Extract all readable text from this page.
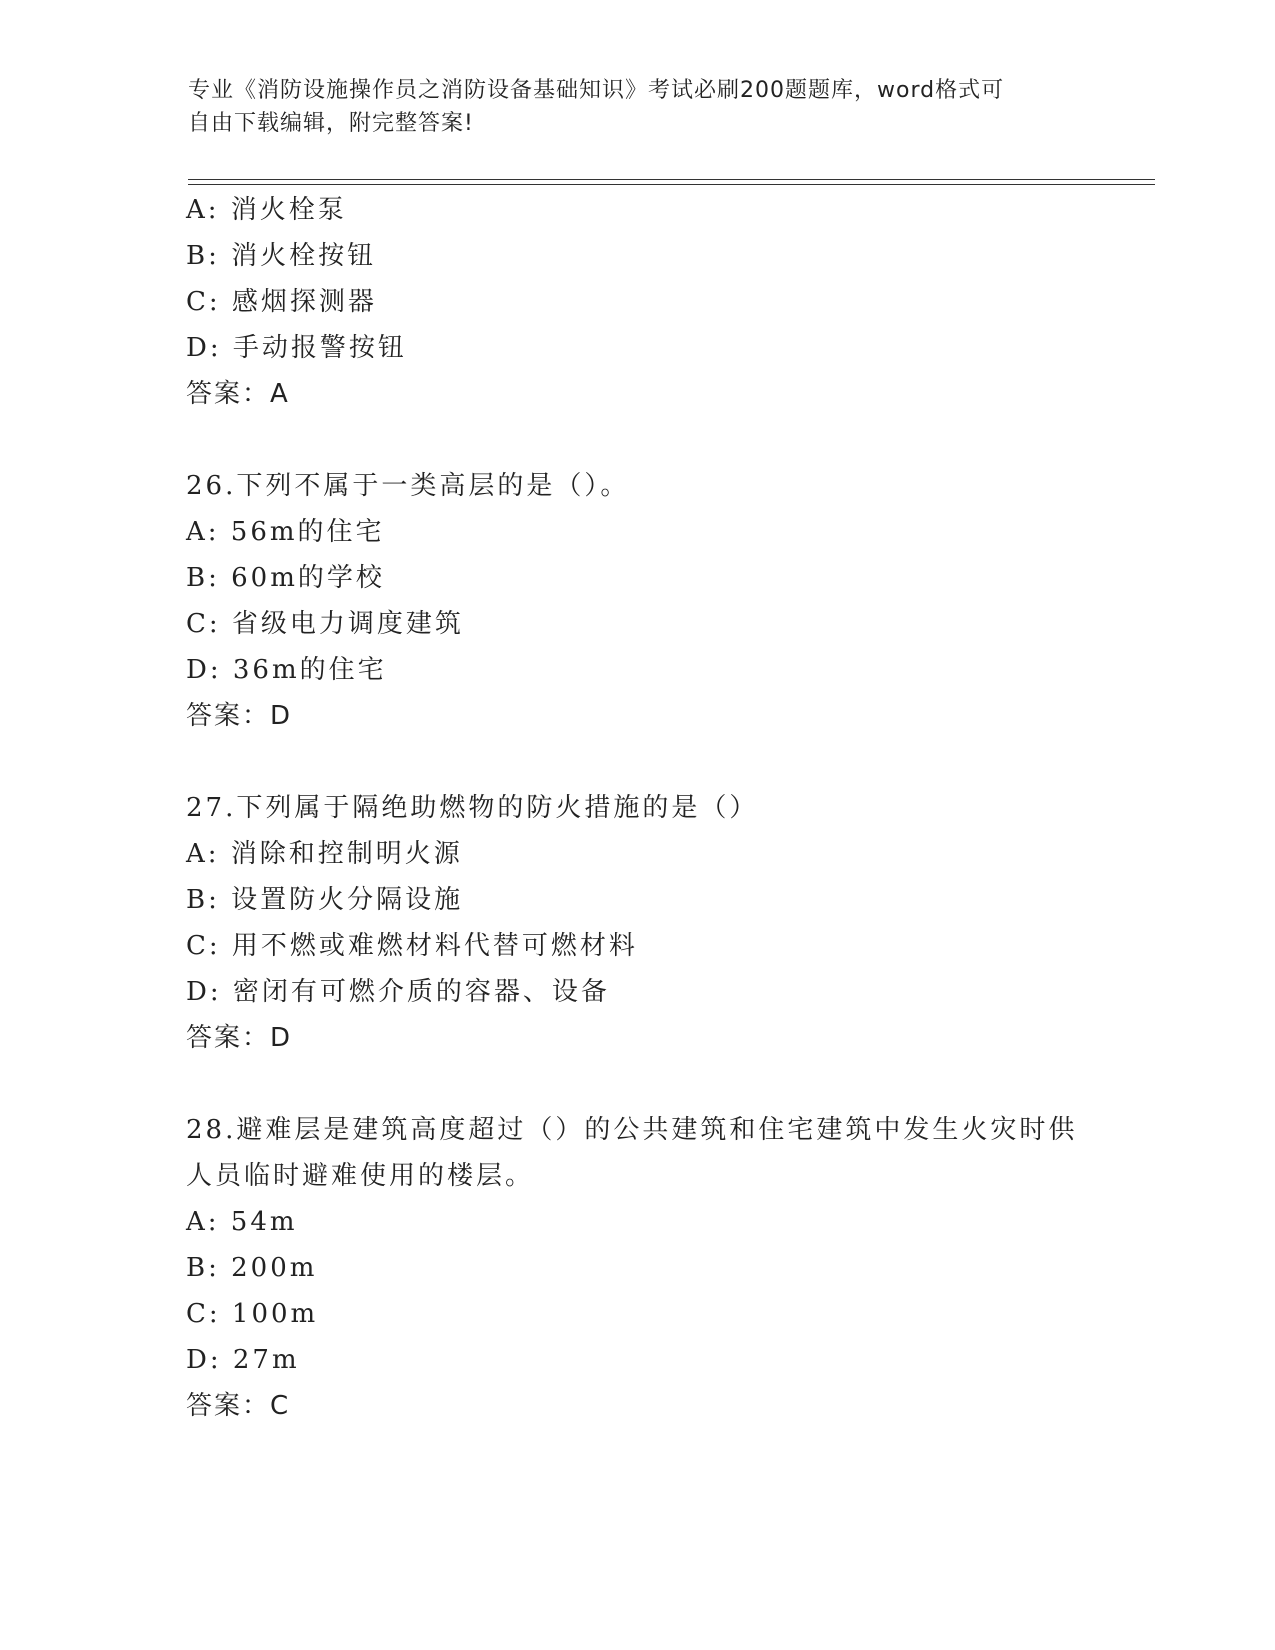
专业《消防设施操作员之消防设备基础知识》考试必刷200题题库，word格式可
自由下载编辑，附完整答案!
A: 消火栓泵
B: 消火栓按钮
C: 感烟探测器
D: 手动报警按钮
答案：A
26.下列不属于一类高层的是（）。
A: 56m的住宅
B: 60m的学校
C: 省级电力调度建筑
D: 36m的住宅
答案：D
27.下列属于隔绝助燃物的防火措施的是（）
A: 消除和控制明火源
B: 设置防火分隔设施
C: 用不燃或难燃材料代替可燃材料
D: 密闭有可燃介质的容器、设备
答案：D
28.避难层是建筑高度超过（）的公共建筑和住宅建筑中发生火灾时供
人员临时避难使用的楼层。
A: 54m
B: 200m
C: 100m
D: 27m
答案：C
